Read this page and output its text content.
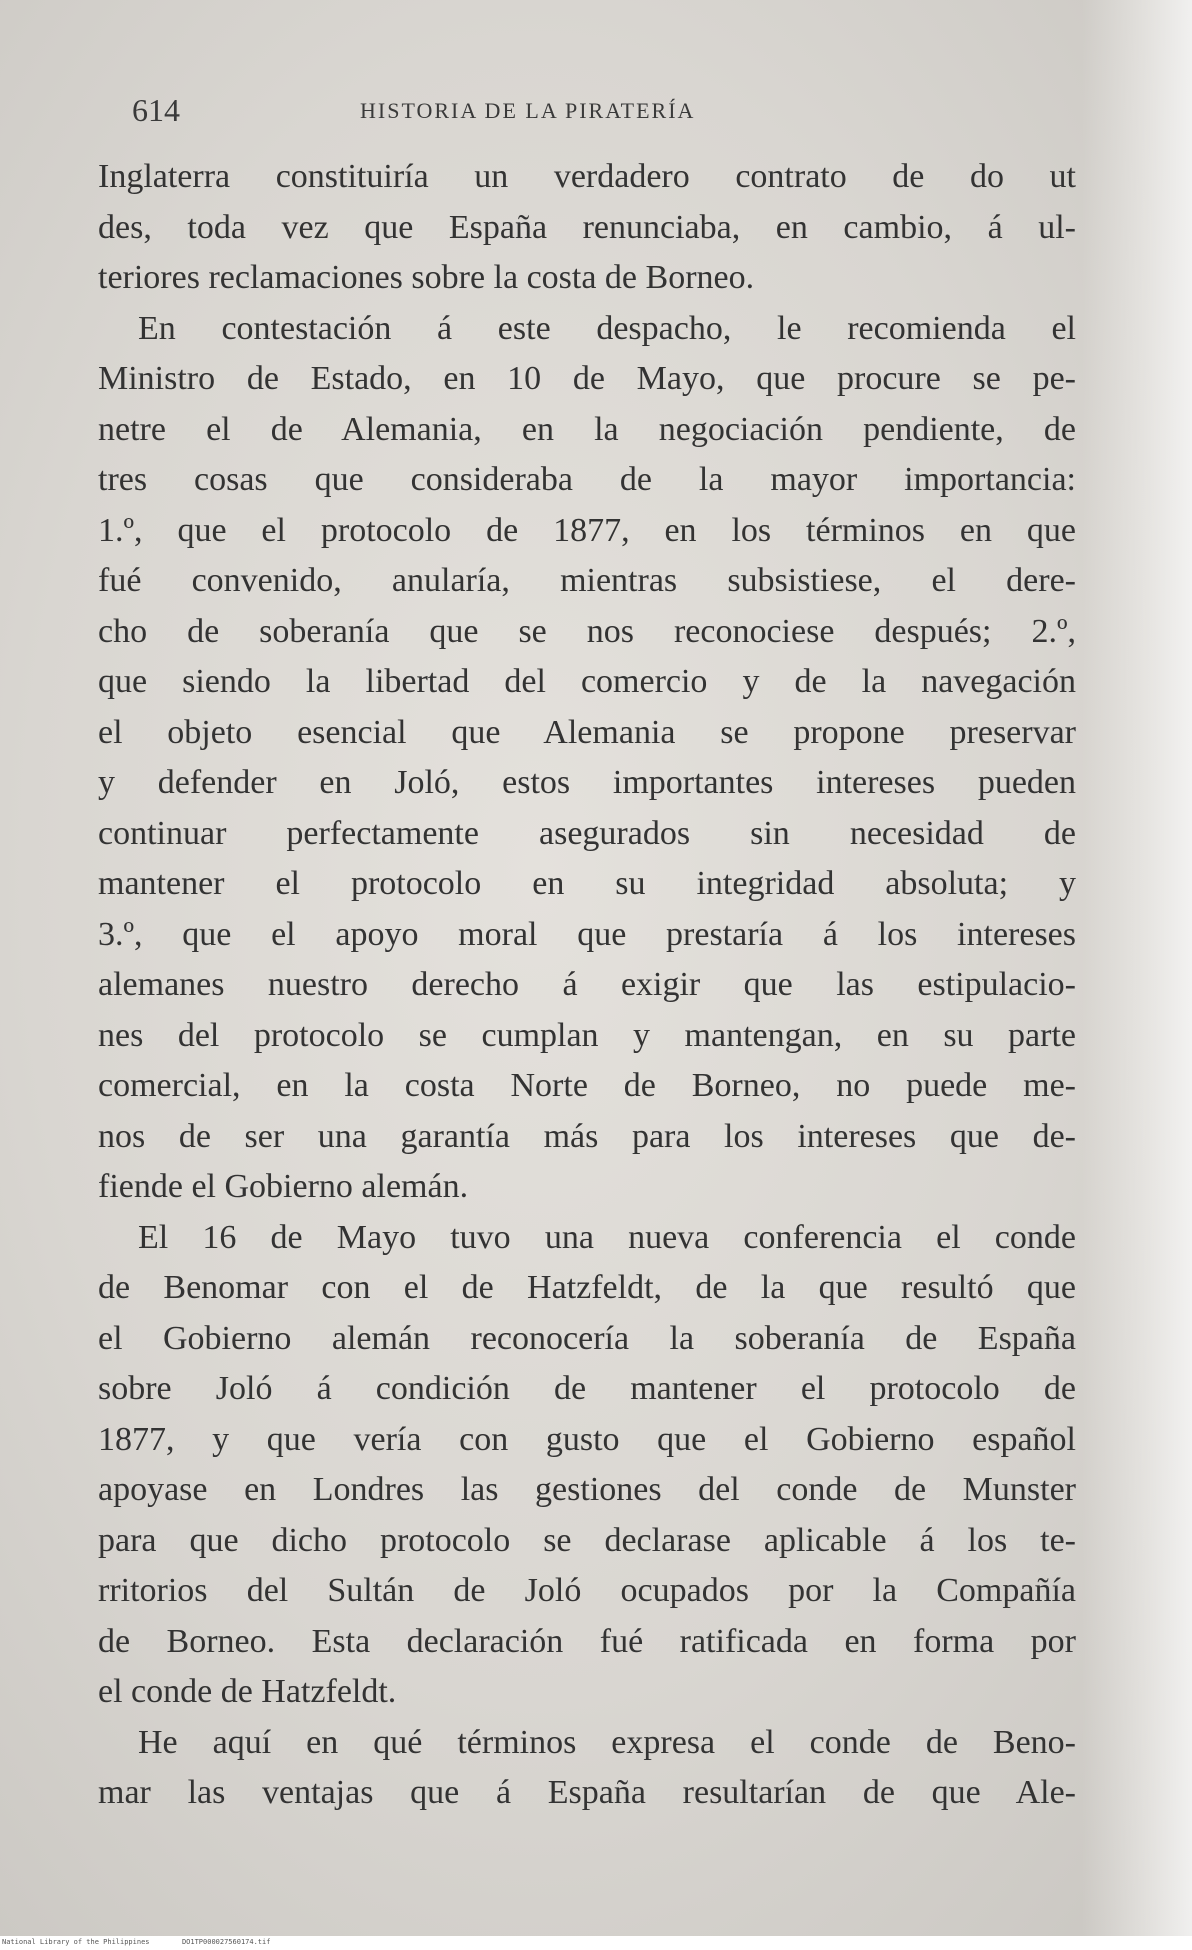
614	HISTORIA DE LA PIRATERÍA
Inglaterra constituiría un verdadero contrato de do ut
des, toda vez que España renunciaba, en cambio, á ul-
teriores reclamaciones sobre la costa de Borneo.
En contestación á este despacho, le recomienda el
Ministro de Estado, en 10 de Mayo, que procure se pe-
netre el de Alemania, en la negociación pendiente, de
tres cosas que consideraba de la mayor importancia:
1.º, que el protocolo de 1877, en los términos en que
fué convenido, anularía, mientras subsistiese, el dere-
cho de soberanía que se nos reconociese después; 2.º,
que siendo la libertad del comercio y de la navegación
el objeto esencial que Alemania se propone preservar
y defender en Joló, estos importantes intereses pueden
continuar perfectamente asegurados sin necesidad de
mantener el protocolo en su integridad absoluta; y
3.º, que el apoyo moral que prestaría á los intereses
alemanes nuestro derecho á exigir que las estipulacio-
nes del protocolo se cumplan y mantengan, en su parte
comercial, en la costa Norte de Borneo, no puede me-
nos de ser una garantía más para los intereses que de-
fiende el Gobierno alemán.
El 16 de Mayo tuvo una nueva conferencia el conde
de Benomar con el de Hatzfeldt, de la que resultó que
el Gobierno alemán reconocería la soberanía de España
sobre Joló á condición de mantener el protocolo de
1877, y que vería con gusto que el Gobierno español
apoyase en Londres las gestiones del conde de Munster
para que dicho protocolo se declarase aplicable á los te-
rritorios del Sultán de Joló ocupados por la Compañía
de Borneo. Esta declaración fué ratificada en forma por
el conde de Hatzfeldt.
He aquí en qué términos expresa el conde de Beno-
mar las ventajas que á España resultarían de que Ale-
National Library of the Philippines	DO1TP000027560174.tif
